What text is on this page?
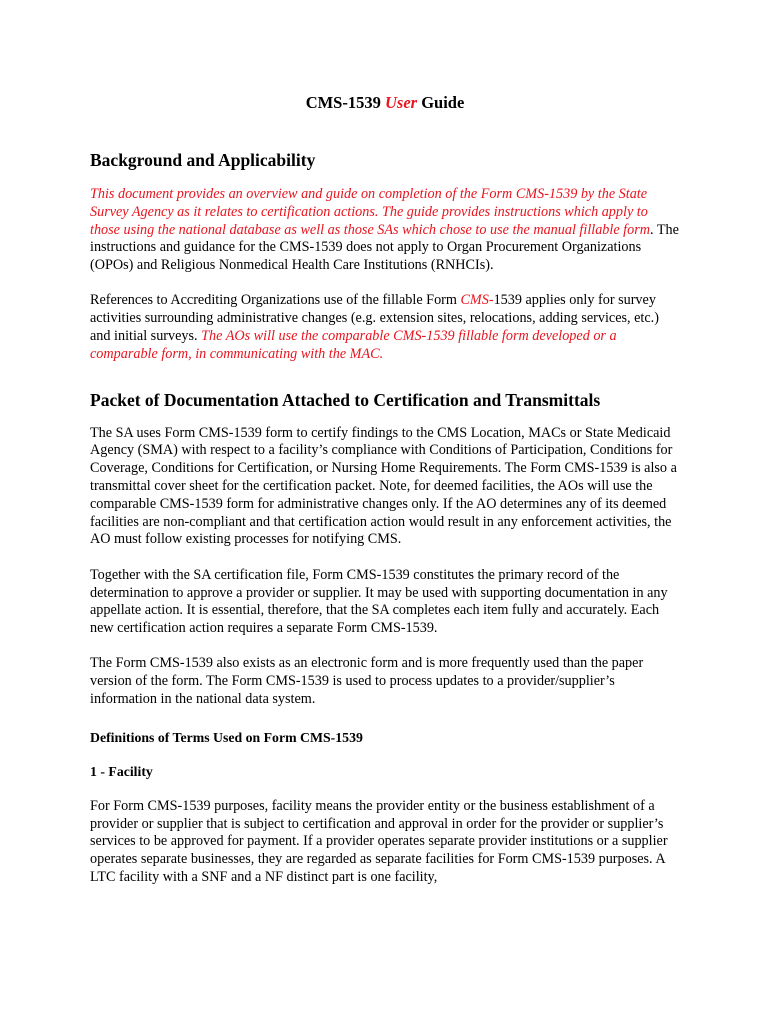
CMS-1539 User Guide
Background and Applicability

This document provides an overview and guide on completion of the Form CMS-1539 by the State Survey Agency as it relates to certification actions. The guide provides instructions which apply to those using the national database as well as those SAs which chose to use the manual fillable form. The instructions and guidance for the CMS-1539 does not apply to Organ Procurement Organizations (OPOs) and Religious Nonmedical Health Care Institutions (RNHCIs).

References to Accrediting Organizations use of the fillable Form CMS-1539 applies only for survey activities surrounding administrative changes (e.g. extension sites, relocations, adding services, etc.) and initial surveys. The AOs will use the comparable CMS-1539 fillable form developed or a comparable form, in communicating with the MAC.

Packet of Documentation Attached to Certification and Transmittals

The SA uses Form CMS-1539 form to certify findings to the CMS Location, MACs or State Medicaid Agency (SMA) with respect to a facility’s compliance with Conditions of Participation, Conditions for Coverage, Conditions for Certification, or Nursing Home Requirements. The Form CMS-1539 is also a transmittal cover sheet for the certification packet. Note, for deemed facilities, the AOs will use the comparable CMS-1539 form for administrative changes only. If the AO determines any of its deemed facilities are non-compliant and that certification action would result in any enforcement activities, the AO must follow existing processes for notifying CMS.

Together with the SA certification file, Form CMS-1539 constitutes the primary record of the determination to approve a provider or supplier. It may be used with supporting documentation in any appellate action. It is essential, therefore, that the SA completes each item fully and accurately. Each new certification action requires a separate Form CMS-1539.

The Form CMS-1539 also exists as an electronic form and is more frequently used than the paper version of the form. The Form CMS-1539 is used to process updates to a provider/supplier’s information in the national data system.

Definitions of Terms Used on Form CMS-1539
1 - Facility

For Form CMS-1539 purposes, facility means the provider entity or the business establishment of a provider or supplier that is subject to certification and approval in order for the provider or supplier’s services to be approved for payment. If a provider operates separate provider institutions or a supplier operates separate businesses, they are regarded as separate facilities for Form CMS-1539 purposes. A LTC facility with a SNF and a NF distinct part is one facility,
